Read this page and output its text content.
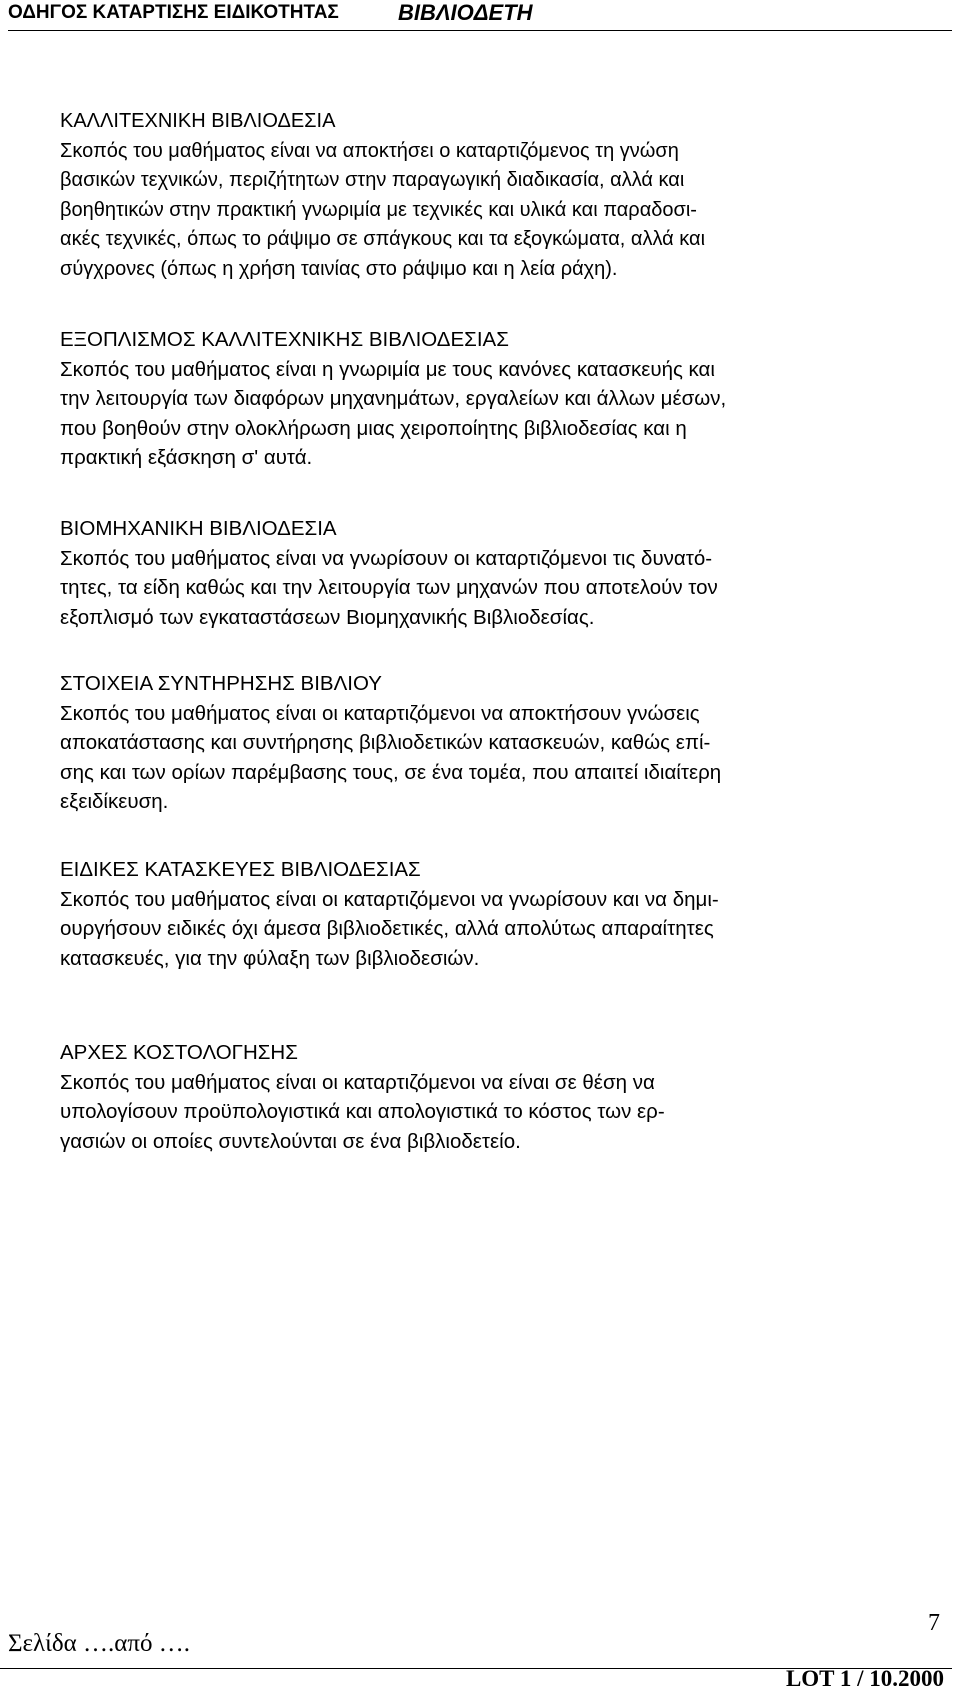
ΟΔΗΓΟΣ ΚΑΤΑΡΤΙΣΗΣ ΕΙΔΙΚΟΤΗΤΑΣ	ΒΙΒΛΙΟΔΕΤΗ
ΚΑΛΛΙΤΕΧΝΙΚΗ ΒΙΒΛΙΟΔΕΣΙΑ
Σκοπός του μαθήματος είναι να αποκτήσει ο καταρτιζόμενος τη γνώση
βασικών τεχνικών, περιζήτητων στην παραγωγική διαδικασία, αλλά και
βοηθητικών στην πρακτική γνωριμία με τεχνικές και υλικά και παραδοσι-
ακές τεχνικές, όπως το ράψιμο σε σπάγκους και τα εξογκώματα, αλλά και
σύγχρονες (όπως η χρήση ταινίας στο ράψιμο και η λεία ράχη).
ΕΞΟΠΛΙΣΜΟΣ ΚΑΛΛΙΤΕΧΝΙΚΗΣ ΒΙΒΛΙΟΔΕΣΙΑΣ
Σκοπός του μαθήματος είναι η γνωριμία με τους κανόνες κατασκευής και
την λειτουργία των διαφόρων μηχανημάτων, εργαλείων και άλλων μέσων,
που βοηθούν στην ολοκλήρωση μιας χειροποίητης βιβλιοδεσίας και η
πρακτική εξάσκηση σ' αυτά.
ΒΙΟΜΗΧΑΝΙΚΗ ΒΙΒΛΙΟΔΕΣΙΑ
Σκοπός του μαθήματος είναι να γνωρίσουν οι καταρτιζόμενοι τις δυνατό-
τητες, τα είδη καθώς και την λειτουργία των μηχανών που αποτελούν τον
εξοπλισμό των εγκαταστάσεων Βιομηχανικής Βιβλιοδεσίας.
ΣΤΟΙΧΕΙΑ ΣΥΝΤΗΡΗΣΗΣ ΒΙΒΛΙΟΥ
Σκοπός του μαθήματος είναι οι καταρτιζόμενοι να αποκτήσουν γνώσεις
αποκατάστασης και συντήρησης βιβλιοδετικών κατασκευών, καθώς επί-
σης και των ορίων παρέμβασης τους, σε ένα τομέα, που απαιτεί ιδιαίτερη
εξειδίκευση.
ΕΙΔΙΚΕΣ ΚΑΤΑΣΚΕΥΕΣ ΒΙΒΛΙΟΔΕΣΙΑΣ
Σκοπός του μαθήματος είναι οι καταρτιζόμενοι να γνωρίσουν και να δημι-
ουργήσουν ειδικές όχι άμεσα βιβλιοδετικές, αλλά απολύτως απαραίτητες
κατασκευές, για την φύλαξη των βιβλιοδεσιών.
ΑΡΧΕΣ ΚΟΣΤΟΛΟΓΗΣΗΣ
Σκοπός του μαθήματος είναι οι καταρτιζόμενοι να είναι σε θέση να
υπολογίσουν προϋπολογιστικά και απολογιστικά το κόστος των ερ-
γασιών οι οποίες συντελούνται σε ένα βιβλιοδετείο.
7
Σελίδα ….από ….
LOT 1 / 10.2000
